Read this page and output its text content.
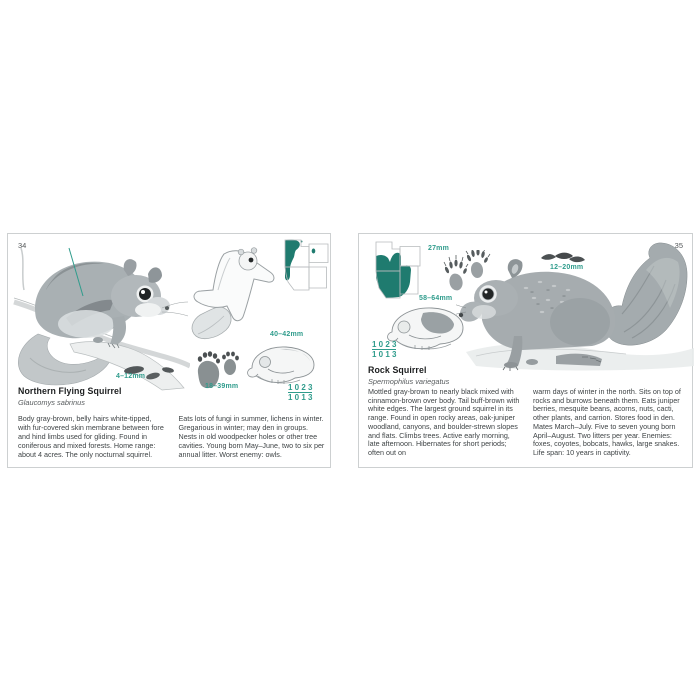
34
4–12mm
18–39mm
40–42mm
1 0 2 3
1 0 1 3
Northern Flying Squirrel
Glaucomys sabrinus

Body gray-brown, belly hairs white-tipped, with fur-covered skin membrane between fore and hind limbs used for gliding. Found in coniferous and mixed forests. Home range: about 4 acres. The only nocturnal squirrel.

Eats lots of fungi in summer, lichens in winter. Gregarious in winter; may den in groups. Nests in old woodpecker holes or other tree cavities. Young born May–June, two to six per annual litter. Worst enemy: owls.

35
27mm
12–20mm
58–64mm
1 0 2 3
1 0 1 3
Rock Squirrel
Spermophilus variegatus

Mottled gray-brown to nearly black mixed with cinnamon-brown over body. Tail buff-brown with white edges. The largest ground squirrel in its range. Found in open rocky areas, oak-juniper woodland, canyons, and boulder-strewn slopes and flats. Climbs trees. Active early morning, late afternoon. Hibernates for short periods; often out on

warm days of winter in the north. Sits on top of rocks and burrows beneath them. Eats juniper berries, mesquite beans, acorns, nuts, cacti, other plants, and carrion. Stores food in den. Mates March–July. Five to seven young born April–August. Two litters per year. Enemies: foxes, coyotes, bobcats, hawks, large snakes. Life span: 10 years in captivity.
